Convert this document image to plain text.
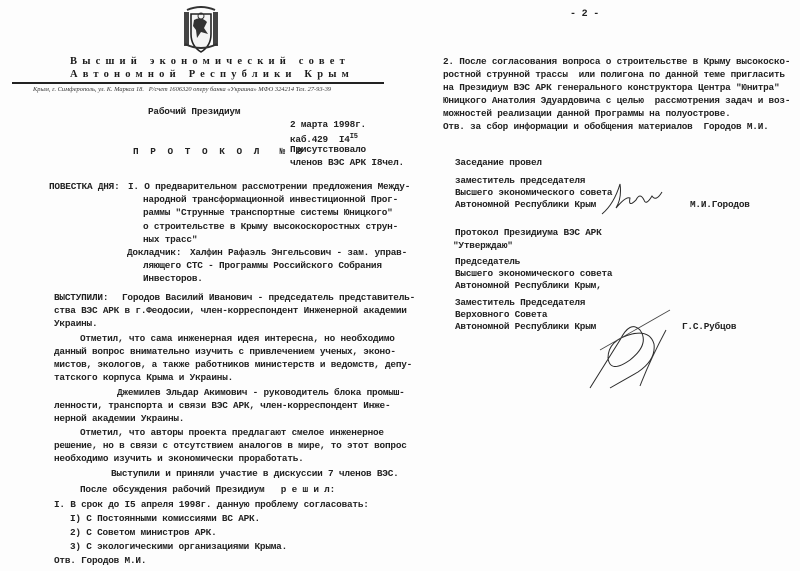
Высший экономический совет
Автономной Республики Крым
Крым, г. Симферополь, ул. К. Маркса 18.   Р/счет 1606320 опеpу банка «Украина» МФО 324214 Тел. 27-93-39
Рабочий Президиум
П Р О Т О К О Л  № 8
2 марта 1998г.
каб.429  $I4^{I5}$
Присутствовало
членов ВЭС АРК I8чел.
ПОВЕСТКА ДНЯ: I. О предварительном рассмотрении предложения Между-
народной трансформационной инвестиционной Прог-
раммы "Струнные транспортные системы Юницкого"
о строительстве в Крыму высокоскоростных струн-
ных трасс"
Докладчик: Халфин Рафаэль Энгельсович - зам. управ-
ляющего СТС - Программы Российского Собрания
Инвесторов.
ВЫСТУПИЛИ: Городов Василий Иванович - председатель представитель-
ства ВЭС АРК в г.Феодосии, член-корреспондент Инженерной академии
Украины.
Отметил, что сама инженерная идея интересна, но необходимо
данный вопрос внимательно изучить с привлечением ученых, эконо-
мистов, экологов, а также работников министерств и ведомств, депу-
татского корпуса Крыма и Украины.
Джемилев Эльдар Акимович - руководитель блока промыш-
ленности, транспорта и связи ВЭС АРК, член-корреспондент Инже-
нерной академии Украины.
Отметил, что авторы проекта предлагают смелое инженерное
решение, но в связи с отсутствием аналогов в мире, то этот вопрос
необходимо изучить и экономически проработать.
Выступили и приняли участие в дискуссии 7 членов ВЭС.
После обсуждения рабочий Президиум   р е ш и л:
I. В срок до I5 апреля 1998г. данную проблему согласовать:
I) С Постоянными комиссиями ВС АРК.
2) С Советом министров АРК.
3) С экологическими организациями Крыма.
Отв. Городов М.И.
- 2 -
2. После согласования вопроса о строительстве в Крыму высокоско-
ростной струнной трассы  или полигона по данной теме пригласить
на Президиум ВЭС АРК генерального конструктора Центра "Юнитра"
Юницкого Анатолия Эдуардовича с целью  рассмотрения задач и воз-
можностей реализации данной Программы на полуострове.
Отв. за сбор информации и обобщения материалов  Городов М.И.
Заседание провел
заместитель председателя
Высшего экономического совета
Автономной Республики Крым	М.И.Городов
Протокол Президиума ВЭС АРК
"Утверждаю"
Председатель
Высшего экономического совета
Автономной Республики Крым,
Заместитель Председателя
Верховного Совета
Автономной Республики Крым	Г.С.Рубцов
